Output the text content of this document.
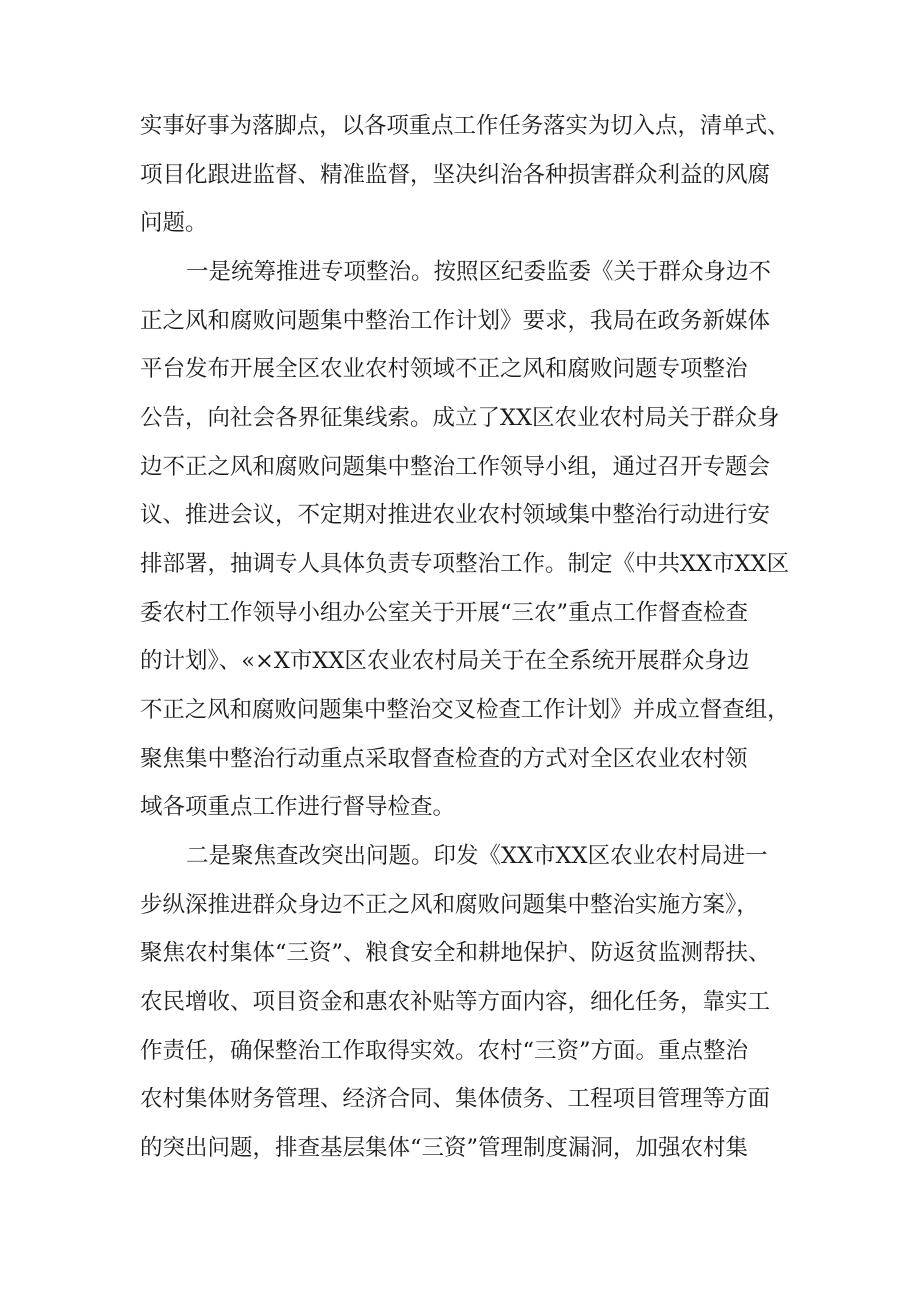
实事好事为落脚点，以各项重点工作任务落实为切入点，清单式、
项目化跟进监督、精准监督，坚决纠治各种损害群众利益的风腐
问题。
一是统筹推进专项整治。按照区纪委监委《关于群众身边不
正之风和腐败问题集中整治工作计划》要求，我局在政务新媒体
平台发布开展全区农业农村领域不正之风和腐败问题专项整治
公告，向社会各界征集线索。成立了XX区农业农村局关于群众身
边不正之风和腐败问题集中整治工作领导小组，通过召开专题会
议、推进会议，不定期对推进农业农村领域集中整治行动进行安
排部署，抽调专人具体负责专项整治工作。制定《中共XX市XX区
委农村工作领导小组办公室关于开展“三农”重点工作督查检查
的计划》、«×X市XX区农业农村局关于在全系统开展群众身边
不正之风和腐败问题集中整治交叉检查工作计划》并成立督查组，
聚焦集中整治行动重点采取督查检查的方式对全区农业农村领
域各项重点工作进行督导检查。
二是聚焦查改突出问题。印发《XX市XX区农业农村局进一
步纵深推进群众身边不正之风和腐败问题集中整治实施方案》，
聚焦农村集体“三资”、粮食安全和耕地保护、防返贫监测帮扶、
农民增收、项目资金和惠农补贴等方面内容，细化任务，靠实工
作责任，确保整治工作取得实效。农村“三资”方面。重点整治
农村集体财务管理、经济合同、集体债务、工程项目管理等方面
的突出问题，排查基层集体“三资”管理制度漏洞，加强农村集
